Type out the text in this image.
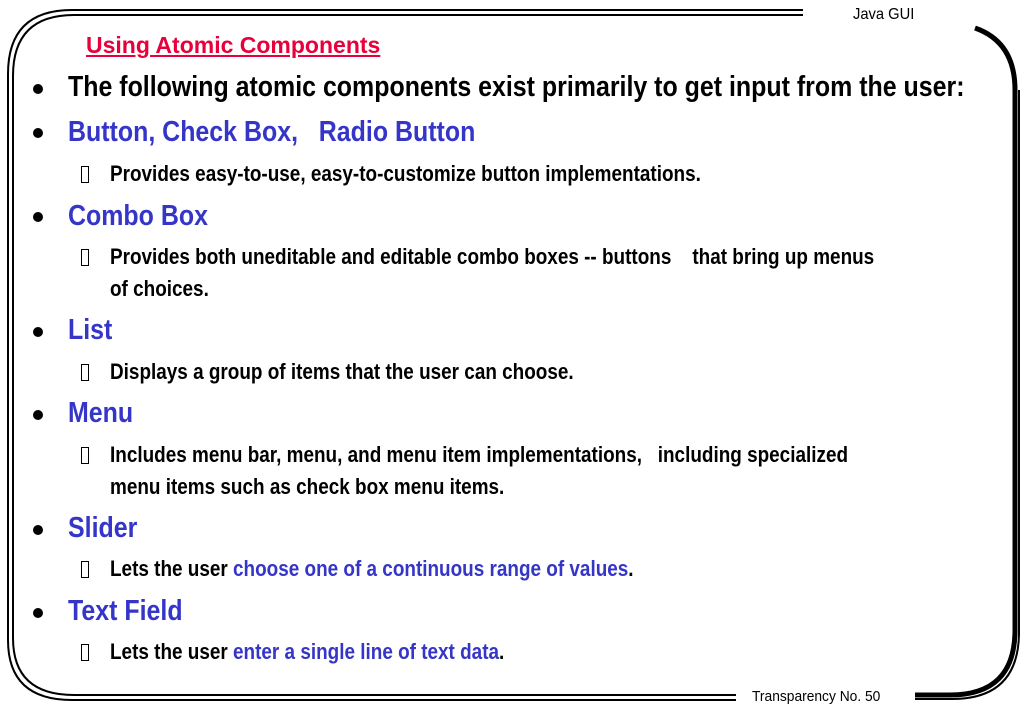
Java GUI
Using Atomic Components
The following atomic components exist primarily to get input from the user:
Button, Check Box,   Radio Button
Provides easy-to-use, easy-to-customize button implementations.
Combo Box
Provides both uneditable and editable combo boxes -- buttons    that bring up menus
of choices.
List
Displays a group of items that the user can choose.
Menu
Includes menu bar, menu, and menu item implementations,   including specialized
menu items such as check box menu items.
Slider
Lets the user choose one of a continuous range of values.
Text Field
Lets the user enter a single line of text data.
Transparency No. 50
